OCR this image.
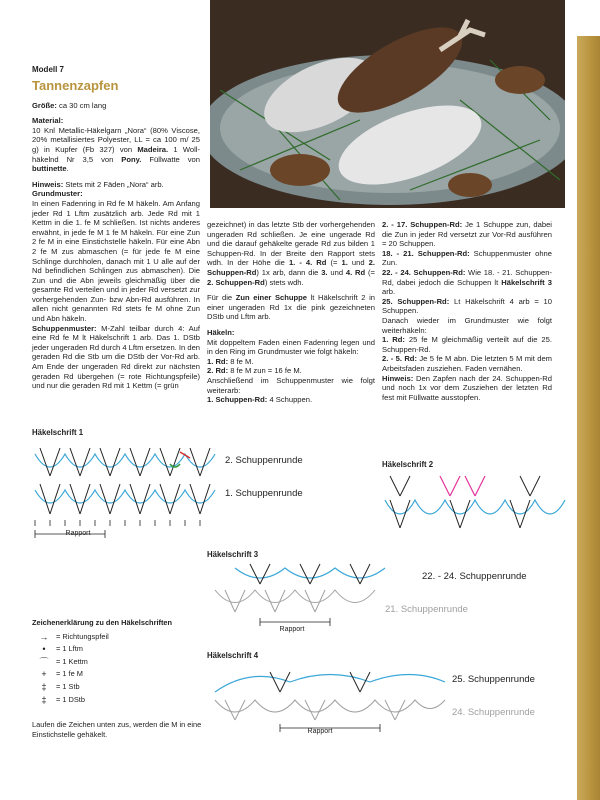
Modell 7
Tannenzapfen
Größe: ca 30 cm lang
Material:
10 Knl Metallic-Häkelgarn „Nora“ (80% Viscose, 20% metallisiertes Polyester, LL = ca 100 m/ 25 g) in Kupfer (Fb 327) von Madeira. 1 Woll-häkelnd Nr 3,5 von Pony. Füllwatte von buttinette.
Hinweis: Stets mit 2 Fäden „Nora“ arb.
Grundmuster:
In einen Fadenring in Rd fe M häkeln. Am Anfang jeder Rd 1 Lftm zusätzlich arb. Jede Rd mit 1 Kettm in die 1. fe M schließen. Ist nichts anderes erwähnt, in jede fe M 1 fe M häkeln. Für eine Zun 2 fe M in eine Einstichstelle häkeln. Für eine Abn 2 fe M zus abmaschen (= für jede fe M eine Schlinge durchholen, danach mit 1 U alle auf der Nd befindlichen Schlingen zus abmaschen). Die Zun und die Abn jeweils gleichmäßig über die gesamte Rd verteilen und in jeder Rd versetzt zur vorhergehenden Zun- bzw Abn-Rd ausführen. In allen nicht genannten Rd stets fe M ohne Zun und Abn häkeln.
Schuppenmuster: M-Zahl teilbar durch 4: Auf eine Rd fe M lt Häkelschrift 1 arb. Das 1. DStb jeder ungeraden Rd durch 4 Lftm ersetzen. In den geraden Rd die Stb um die DStb der Vor-Rd arb. Am Ende der ungeraden Rd direkt zur nächsten geraden Rd übergehen (= rote Richtungspfeile) und nur die geraden Rd mit 1 Kettm (= grün
gezeichnet) in das letzte Stb der vorhergehenden ungeraden Rd schließen. Je eine ungerade Rd und die darauf gehäkelte gerade Rd zus bilden 1 Schuppen-Rd. In der Breite den Rapport stets wdh. In der Höhe die 1. - 4. Rd (= 1. und 2. Schuppen-Rd) 1x arb, dann die 3. und 4. Rd (= 2. Schuppen-Rd) stets wdh.
Für die Zun einer Schuppe lt Häkelschrift 2 in einer ungeraden Rd 1x die pink gezeichneten DStb und Lftm arb.
Häkeln:
Mit doppeltem Faden einen Fadenring legen und in den Ring im Grundmuster wie folgt häkeln:
1. Rd: 8 fe M.
2. Rd: 8 fe M zun = 16 fe M.
Anschließend im Schuppenmuster wie folgt weiterarb:
1. Schuppen-Rd: 4 Schuppen.
2. - 17. Schuppen-Rd: Je 1 Schuppe zun, dabei die Zun in jeder Rd versetzt zur Vor-Rd ausführen = 20 Schuppen.
18. - 21. Schuppen-Rd: Schuppenmuster ohne Zun.
22. - 24. Schuppen-Rd: Wie 18. - 21. Schuppen-Rd, dabei jedoch die Schuppen lt Häkelschrift 3 arb.
25. Schuppen-Rd: Lt Häkelschrift 4 arb = 10 Schuppen.
Danach wieder im Grundmuster wie folgt weiterhäkeln:
1. Rd: 25 fe M gleichmäßig verteilt auf die 25. Schuppen-Rd.
2. - 5. Rd: Je 5 fe M abn. Die letzten 5 M mit dem Arbeitsfaden zusziehen. Faden vernähen.
Hinweis: Den Zapfen nach der 24. Schuppen-Rd und noch 1x vor dem Zusziehen der letzten Rd fest mit Füllwatte ausstopfen.
Häkelschrift 1
2. Schuppenrunde
1. Schuppenrunde
Rapport
Häkelschrift 2
Häkelschrift 3
22. - 24. Schuppenrunde
21. Schuppenrunde
Rapport
Häkelschrift 4
25. Schuppenrunde
24. Schuppenrunde
Rapport
Zeichenerklärung zu den Häkelschriften
→	= Richtungspfeil
•	= 1 Lftm
⌒	= 1 Kettm
+	= 1 fe M
‡	= 1 Stb
‡	= 1 DStb
Laufen die Zeichen unten zus, werden die M in eine Einstichstelle gehäkelt.
11
PassionForum.ru
